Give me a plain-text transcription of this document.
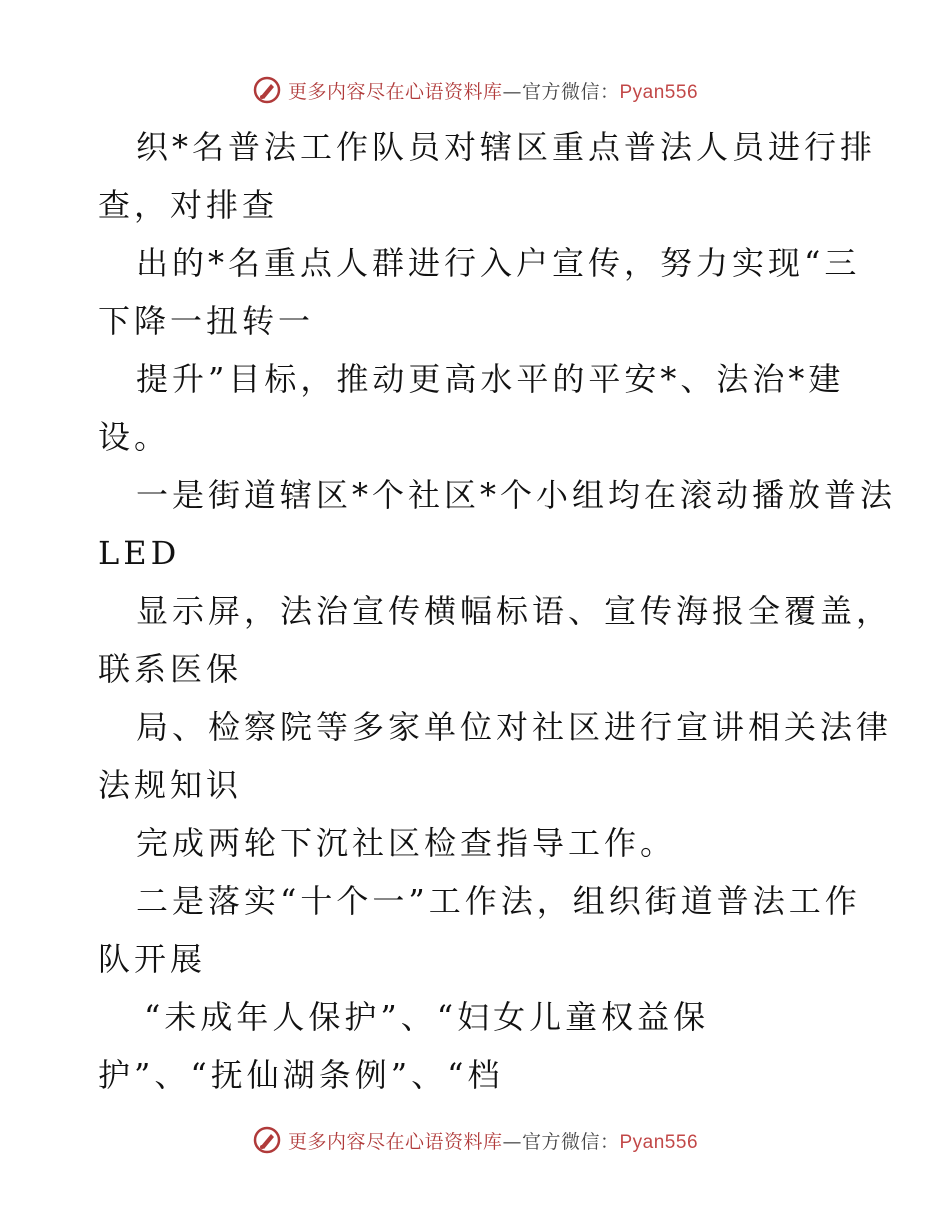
更多内容尽在心语资料库—官方微信：Pyan556
织*名普法工作队员对辖区重点普法人员进行排
查，对排查
出的*名重点人群进行入户宣传，努力实现“三
下降一扭转一
提升”目标，推动更高水平的平安*、法治*建
设。
一是街道辖区*个社区*个小组均在滚动播放普法
LED
显示屏，法治宣传横幅标语、宣传海报全覆盖，
联系医保
局、检察院等多家单位对社区进行宣讲相关法律
法规知识
完成两轮下沉社区检查指导工作。
二是落实“十个一”工作法，组织街道普法工作
队开展
“未成年人保护”、“妇女儿童权益保
护”、“抚仙湖条例”、“档
更多内容尽在心语资料库—官方微信：Pyan556
